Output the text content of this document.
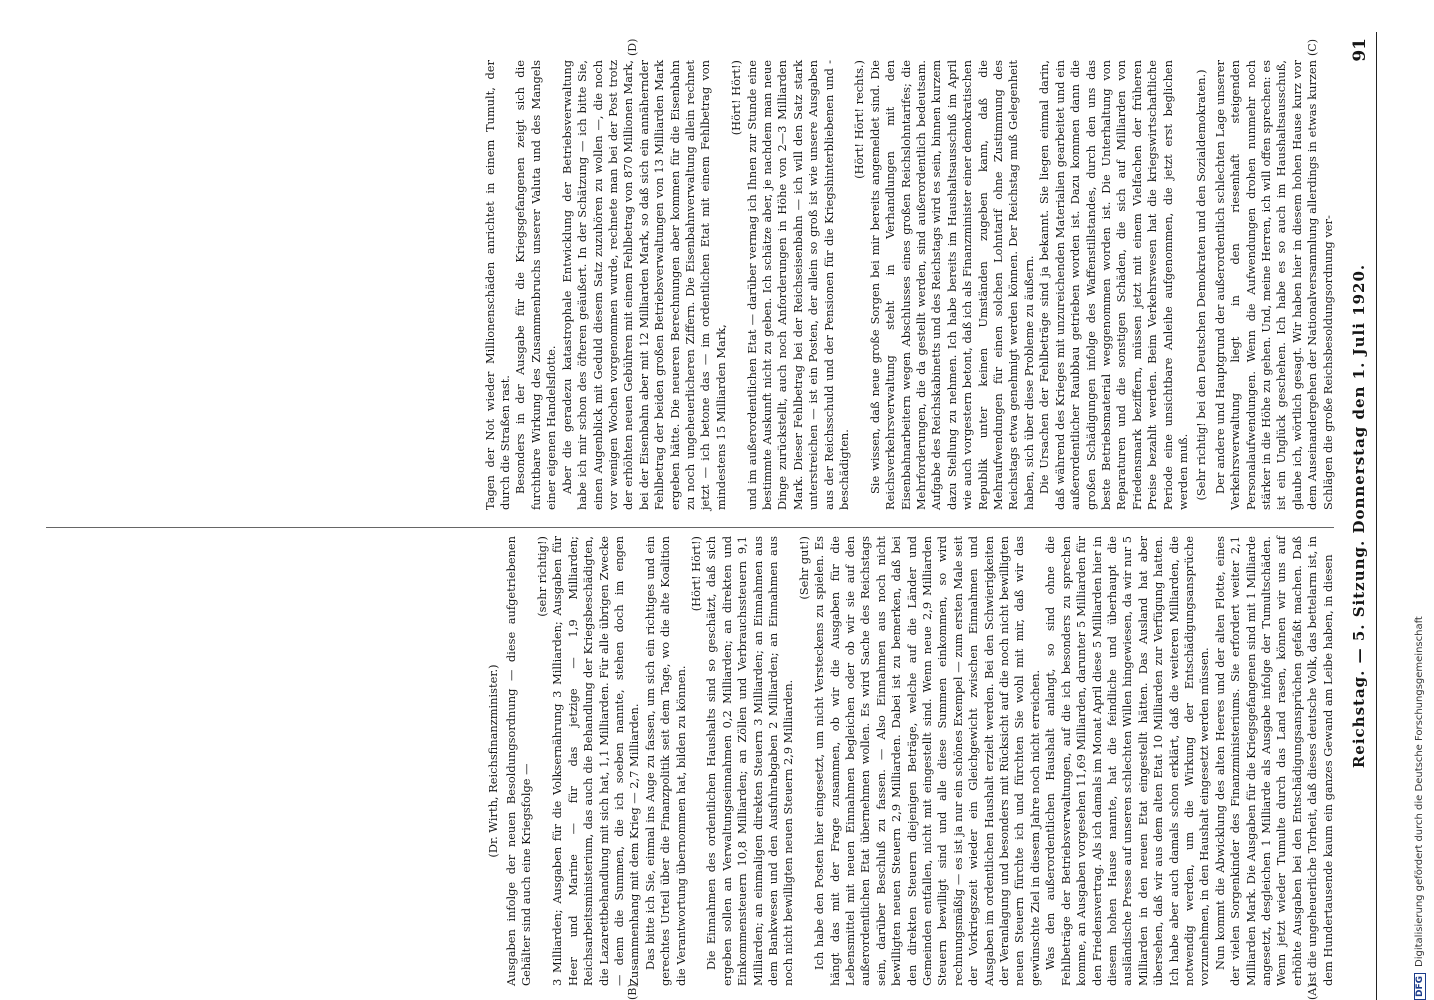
Reichstag. — 5. Sitzung. Donnerstag den 1. Juli 1920.
91
(A)
(B)
(C)
(D)

(Dr. Wirth, Reichsfinanzminister.) Ausgaben infolge der neuen Besoldungsordnung — diese aufgetriebenen Gehälter sind auch eine Kriegsfolge —

(sehr richtig!) 3 Milliarden; Ausgaben für die Volksernährung 3 Milliarden; Ausgaben für Heer und Marine — für das jetzige — 1,9 Milliarden; Reichsarbeitsministerium, das auch die Behandlung der Kriegsbeschädigten, die Lazarettbehandlung mit sich hat, 1,1 Milliarden. Für alle übrigen Zwecke — denn die Summen, die ich soeben nannte, stehen doch im engen Zusammenhang mit dem Krieg — 2,7 Milliarden. Das bitte ich Sie, einmal ins Auge zu fassen, um sich ein richtiges und ein gerechtes Urteil über die Finanzpolitik seit dem Tage, wo die alte Koalition die Verantwortung übernommen hat, bilden zu können.

(Hört! Hört!) Die Einnahmen des ordentlichen Haushalts sind so geschätzt, daß sich ergeben sollen an Verwaltungseinnahmen 0,2 Milliarden; an direkten und Einkommensteuern 10,8 Milliarden; an Zöllen und Verbrauchssteuern 9,1 Milliarden; an einmaligen direkten Steuern 3 Milliarden; an Einnahmen aus dem Bankwesen und den Ausfuhrabgaben 2 Milliarden; an Einnahmen aus noch nicht bewilligten neuen Steuern 2,9 Milliarden.

(Sehr gut!) Ich habe den Posten hier eingesetzt, um nicht Versteckens zu spielen. Es hängt das mit der Frage zusammen, ob wir die Ausgaben für die Lebensmittel mit neuen Einnahmen begleichen oder ob wir sie auf den außerordentlichen Etat übernehmen wollen. Es wird Sache des Reichstags sein, darüber Beschluß zu fassen. — Also Einnahmen aus noch nicht bewilligten neuen Steuern 2,9 Milliarden. Dabei ist zu bemerken, daß bei den direkten Steuern diejenigen Beträge, welche auf die Länder und Gemeinden entfallen, nicht mit eingestellt sind. Wenn neue 2,9 Milliarden Steuern bewilligt sind und alle diese Summen einkommen, so wird rechnungsmäßig — es ist ja nur ein schönes Exempel — zum ersten Male seit der Vorkriegszeit wieder ein Gleichgewicht zwischen Einnahmen und Ausgaben im ordentlichen Haushalt erzielt werden. Bei den Schwierigkeiten der Veranlagung und besonders mit Rücksicht auf die noch nicht bewilligten neuen Steuern fürchte ich und fürchten Sie wohl mit mir, daß wir das gewünschte Ziel in diesem Jahre noch nicht erreichen. Was den außerordentlichen Haushalt anlangt, so sind ohne die Fehlbeträge der Betriebsverwaltungen, auf die ich besonders zu sprechen komme, an Ausgaben vorgesehen 11,69 Milliarden, darunter 5 Milliarden für den Friedensvertrag. Als ich damals im Monat April diese 5 Milliarden hier in diesem hohen Hause nannte, hat die feindliche und überhaupt die ausländische Presse auf unseren schlechten Willen hingewiesen, da wir nur 5 Milliarden in den neuen Etat eingestellt hätten. Das Ausland hat aber übersehen, daß wir aus dem alten Etat 10 Milliarden zur Verfügung hatten. Ich habe aber auch damals schon erklärt, daß die weiteren Milliarden, die notwendig werden, um die Wirkung der Entschädigungsansprüche vorzunehmen, in den Haushalt eingesetzt werden müssen. Nun kommt die Abwicklung des alten Heeres und der alten Flotte, eines der vielen Sorgenkinder des Finanzministeriums. Sie erfordert weiter 2,1 Milliarden Mark. Die Ausgaben für die Kriegsgefangenen sind mit 1 Milliarde angesetzt, desgleichen 1 Milliarde als Ausgabe infolge der Tumultschäden. Wenn jetzt wieder Tumulte durch das Land rasen, können wir uns auf erhöhte Ausgaben bei den Entschädigungsansprüchen gefaßt machen. Daß ist die ungeheuerliche Torheit, daß dieses deutsche Volk, das bettelarm ist, in dem Hundertausende kaum ein ganzes Gewand am Leibe haben, in diesen

Tagen der Not wieder Millionenschäden anrichtet in einem Tumult, der durch die Straßen rast. Besonders in der Ausgabe für die Kriegsgefangenen zeigt sich die furchtbare Wirkung des Zusammenbruchs unserer Valuta und des Mangels einer eigenen Handelsflotte. Aber die geradezu katastrophale Entwicklung der Betriebsverwaltung habe ich mir schon des öfteren geäußert. In der Schätzung — ich bitte Sie, einen Augenblick mit Geduld diesem Satz zuzuhören zu wollen —, die noch vor wenigen Wochen vorgenommen wurde, rechnete man bei der Post trotz der erhöhten neuen Gebühren mit einem Fehlbetrag von 870 Millionen Mark, bei der Eisenbahn aber mit 12 Milliarden Mark, so daß sich ein annähernder Fehlbetrag der beiden großen Betriebsverwaltungen von 13 Milliarden Mark ergeben hätte. Die neueren Berechnungen aber kommen für die Eisenbahn zu noch ungeheuerlicheren Ziffern. Die Eisenbahnverwaltung allein rechnet jetzt — ich betone das — im ordentlichen Etat mit einem Fehlbetrag von mindestens 15 Milliarden Mark,

(Hört! Hört!) und im außerordentlichen Etat — darüber vermag ich Ihnen zur Stunde eine bestimmte Auskunft nicht zu geben. Ich schätze aber, je nachdem man neue Dinge zurückstellt, auch noch Anforderungen in Höhe von 2—3 Milliarden Mark. Dieser Fehlbetrag bei der Reichseisenbahn — ich will den Satz stark unterstreichen — ist ein Posten, der allein so groß ist wie unsere Ausgaben aus der Reichsschuld und der Pensionen für die Kriegshinterbliebenen und -beschädigten.

(Hört! Hört! rechts.) Sie wissen, daß neue große Sorgen bei mir bereits angemeldet sind. Die Reichsverkehrsverwaltung steht in Verhandlungen mit den Eisenbahnarbeitern wegen Abschlusses eines großen Reichslohntarifes; die Mehrforderungen, die da gestellt werden, sind außerordentlich bedeutsam. Aufgabe des Reichskabinetts und des Reichstags wird es sein, binnen kurzem dazu Stellung zu nehmen. Ich habe bereits im Haushaltsausschuß im April wie auch vorgestern betont, daß ich als Finanzminister einer demokratischen Republik unter keinen Umständen zugeben kann, daß die Mehraufwendungen für einen solchen Lohntarif ohne Zustimmung des Reichstags etwa genehmigt werden können. Der Reichstag muß Gelegenheit haben, sich über diese Probleme zu äußern. Die Ursachen der Fehlbeträge sind ja bekannt. Sie liegen einmal darin, daß während des Krieges mit unzureichenden Materialien gearbeitet und ein außerordentlicher Raubbau getrieben worden ist. Dazu kommen dann die großen Schädigungen infolge des Waffenstillstandes, durch den uns das beste Betriebsmaterial weggenommen worden ist. Die Unterhaltung von Reparaturen und die sonstigen Schäden, die sich auf Milliarden von Friedensmark beziffern, müssen jetzt mit einem Vielfachen der früheren Preise bezahlt werden. Beim Verkehrswesen hat die kriegswirtschaftliche Periode eine unsichtbare Anleihe aufgenommen, die jetzt erst beglichen werden muß. (Sehr richtig! bei den Deutschen Demokraten und den Sozialdemokraten.) Der andere und Hauptgrund der außerordentlich schlechten Lage unserer Verkehrsverwaltung liegt in den riesenhaft steigenden Personalaufwendungen. Wenn die Aufwendungen drohen nunmehr noch stärker in die Höhe zu gehen. Und, meine Herren, ich will offen sprechen: es ist ein Unglück geschehen. Ich habe es so auch im Haushaltsausschuß, glaube ich, wörtlich gesagt. Wir haben hier in diesem hohen Hause kurz vor dem Auseinandergehen der Nationalversammlung allerdings in etwas kurzen Schlägen die große Reichsbesoldungsordnung ver-

DFGDigitalisierung gefördert durch die Deutsche Forschungsgemeinschaft
